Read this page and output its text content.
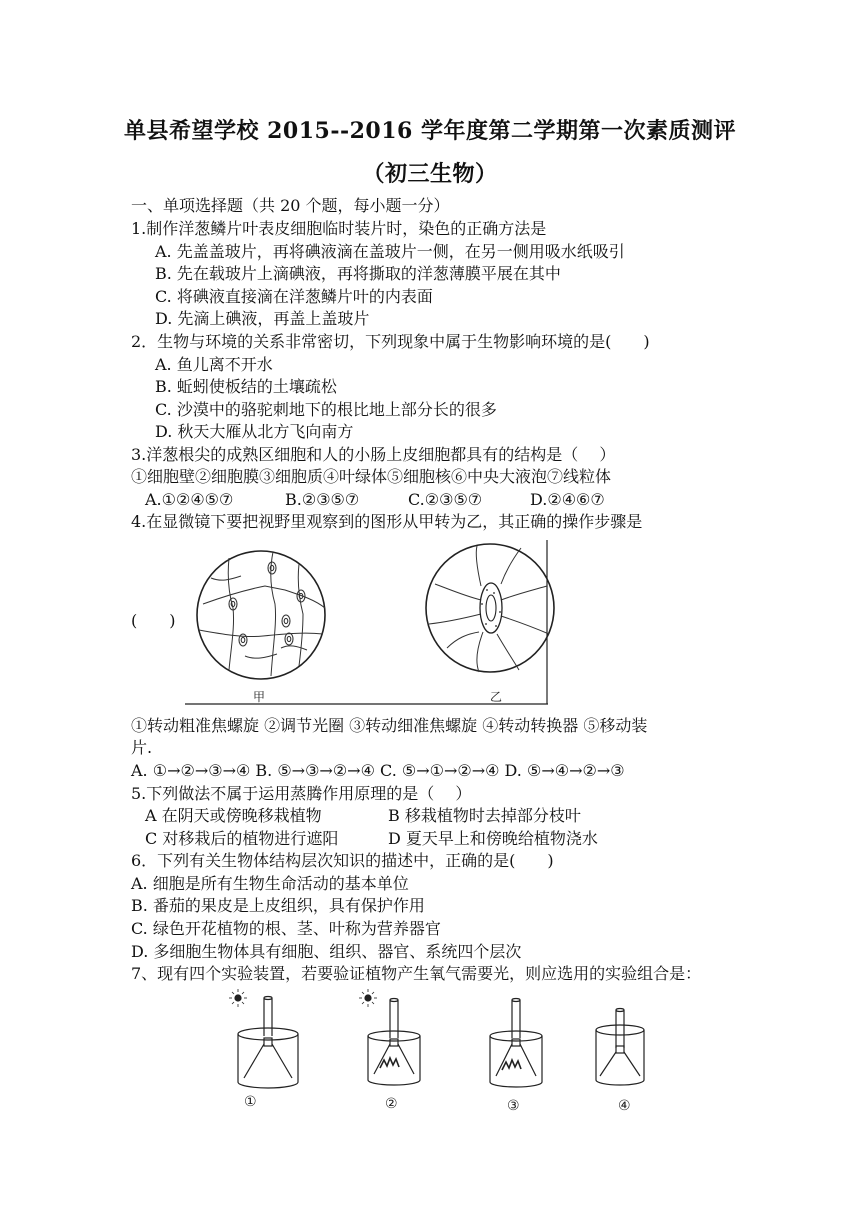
单县希望学校 2015--2016 学年度第二学期第一次素质测评
（初三生物）
一、单项选择题（共 20 个题，每小题一分）
1.制作洋葱鳞片叶表皮细胞临时装片时，染色的正确方法是
A. 先盖盖玻片，再将碘液滴在盖玻片一侧，在另一侧用吸水纸吸引
B. 先在载玻片上滴碘液，再将撕取的洋葱薄膜平展在其中
C. 将碘液直接滴在洋葱鳞片叶的内表面
D. 先滴上碘液，再盖上盖玻片
2．生物与环境的关系非常密切，下列现象中属于生物影响环境的是(　　)
A. 鱼儿离不开水
B. 蚯蚓使板结的土壤疏松
C. 沙漠中的骆驼刺地下的根比地上部分长的很多
D. 秋天大雁从北方飞向南方
3.洋葱根尖的成熟区细胞和人的小肠上皮细胞都具有的结构是（　 ）
①细胞壁②细胞膜③细胞质④叶绿体⑤细胞核⑥中央大液泡⑦线粒体
A.①②④⑤⑦	B.②③⑤⑦	C.②③⑤⑦	D.②④⑥⑦
4.在显微镜下要把视野里观察到的图形从甲转为乙，其正确的操作步骤是
(　　)
甲	乙
①转动粗准焦螺旋 ②调节光圈 ③转动细准焦螺旋 ④转动转换器 ⑤移动装
片.
A. ①→②→③→④ B. ⑤→③→②→④ C. ⑤→①→②→④ D. ⑤→④→②→③
5.下列做法不属于运用蒸腾作用原理的是（　 ）
A 在阴天或傍晚移栽植物	B 移栽植物时去掉部分枝叶
C 对移栽后的植物进行遮阳	D 夏天早上和傍晚给植物浇水
6．下列有关生物体结构层次知识的描述中，正确的是(　　)
A. 细胞是所有生物生命活动的基本单位
B. 番茄的果皮是上皮组织，具有保护作用
C. 绿色开花植物的根、茎、叶称为营养器官
D. 多细胞生物体具有细胞、组织、器官、系统四个层次
7、现有四个实验装置，若要验证植物产生氧气需要光，则应选用的实验组合是：
①	②	③	④
